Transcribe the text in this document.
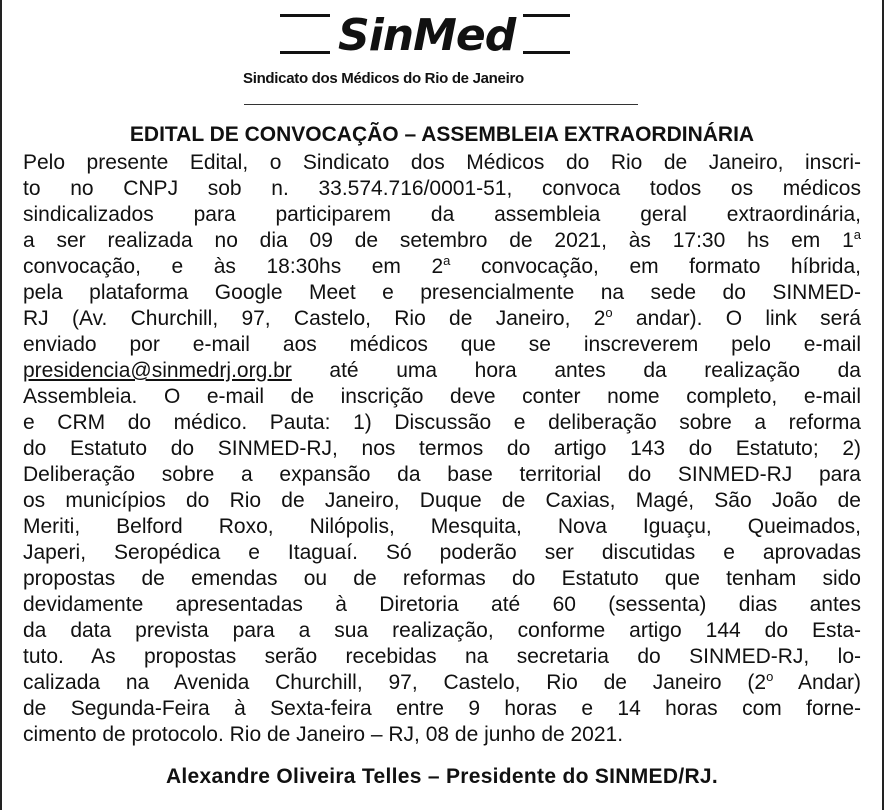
SinMed
Sindicato dos Médicos do Rio de Janeiro
EDITAL DE CONVOCAÇÃO – ASSEMBLEIA EXTRAORDINÁRIA
Pelo presente Edital, o Sindicato dos Médicos do Rio de Janeiro, inscri-
to no CNPJ sob n. 33.574.716/0001-51, convoca todos os médicos
sindicalizados para participarem da assembleia geral extraordinária,
a ser realizada no dia 09 de setembro de 2021, às 17:30 hs em 1$^a$
convocação, e às 18:30hs em 2$^a$ convocação, em formato híbrida,
pela plataforma Google Meet e presencialmente na sede do SINMED-
RJ (Av. Churchill, 97, Castelo, Rio de Janeiro, 2$^o$ andar). O link será
enviado por e-mail aos médicos que se inscreverem pelo e-mail
presidencia@sinmedrj.org.br até uma hora antes da realização da
Assembleia. O e-mail de inscrição deve conter nome completo, e-mail
e CRM do médico. Pauta: 1) Discussão e deliberação sobre a reforma
do Estatuto do SINMED-RJ, nos termos do artigo 143 do Estatuto; 2)
Deliberação sobre a expansão da base territorial do SINMED-RJ para
os municípios do Rio de Janeiro, Duque de Caxias, Magé, São João de
Meriti, Belford Roxo, Nilópolis, Mesquita, Nova Iguaçu, Queimados,
Japeri, Seropédica e Itaguaí. Só poderão ser discutidas e aprovadas
propostas de emendas ou de reformas do Estatuto que tenham sido
devidamente apresentadas à Diretoria até 60 (sessenta) dias antes
da data prevista para a sua realização, conforme artigo 144 do Esta-
tuto. As propostas serão recebidas na secretaria do SINMED-RJ, lo-
calizada na Avenida Churchill, 97, Castelo, Rio de Janeiro (2$^o$ Andar)
de Segunda-Feira à Sexta-feira entre 9 horas e 14 horas com forne-
cimento de protocolo. Rio de Janeiro – RJ, 08 de junho de 2021.
Alexandre Oliveira Telles – Presidente do SINMED/RJ.
